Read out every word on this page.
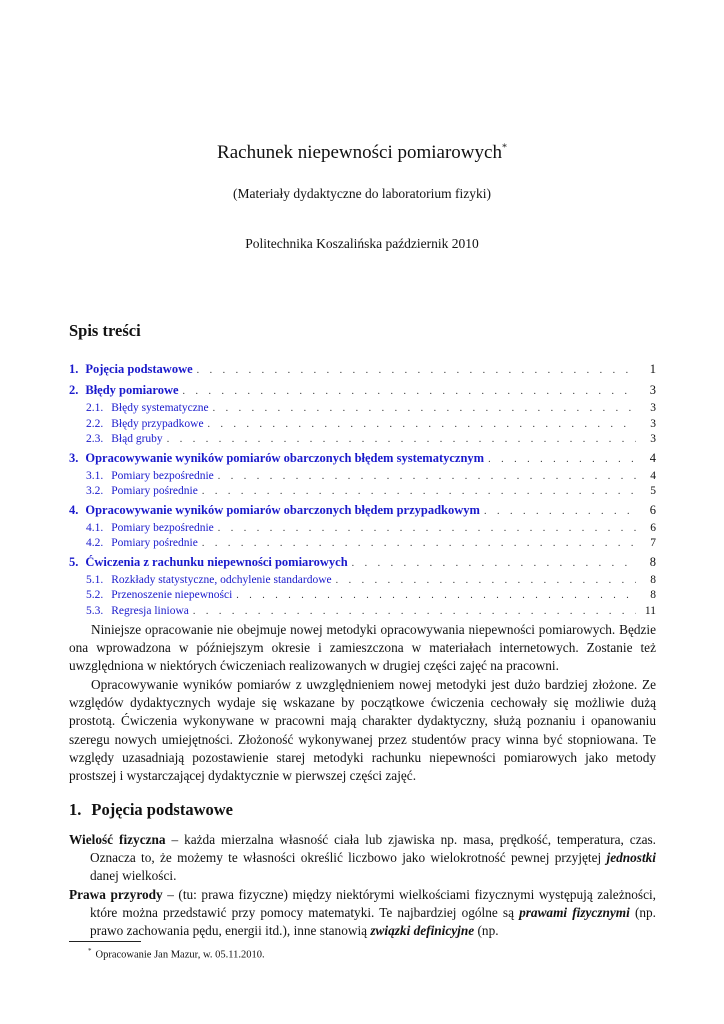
Rachunek niepewności pomiarowych*
(Materiały dydaktyczne do laboratorium fizyki)
Politechnika Koszalińska październik 2010
Spis treści
1. Pojęcia podstawowe . . .	1
2. Błędy pomiarowe . . .	3
2.1. Błędy systematyczne . . .	3
2.2. Błędy przypadkowe . . .	3
2.3. Błąd gruby . . .	3
3. Opracowywanie wyników pomiarów obarczonych błędem systematycznym . . .	4
3.1. Pomiary bezpośrednie . . .	4
3.2. Pomiary pośrednie . . .	5
4. Opracowywanie wyników pomiarów obarczonych błędem przypadkowym . . .	6
4.1. Pomiary bezpośrednie . . .	6
4.2. Pomiary pośrednie . . .	7
5. Ćwiczenia z rachunku niepewności pomiarowych . . .	8
5.1. Rozkłady statystyczne, odchylenie standardowe . . .	8
5.2. Przenoszenie niepewności . . .	8
5.3. Regresja liniowa . . .	11

Niniejsze opracowanie nie obejmuje nowej metodyki opracowywania niepewności pomiarowych. Będzie ona wprowadzona w późniejszym okresie i zamieszczona w materiałach internetowych. Zostanie też uwzględniona w niektórych ćwiczeniach realizowanych w drugiej części zajęć na pracowni.

Opracowywanie wyników pomiarów z uwzględnieniem nowej metodyki jest dużo bardziej złożone. Ze względów dydaktycznych wydaje się wskazane by początkowe ćwiczenia cechowały się możliwie dużą prostotą. Ćwiczenia wykonywane w pracowni mają charakter dydaktyczny, służą poznaniu i opanowaniu szeregu nowych umiejętności. Złożoność wykonywanej przez studentów pracy winna być stopniowana. Te względy uzasadniają pozostawienie starej metodyki rachunku niepewności pomiarowych jako metody prostszej i wystarczającej dydaktycznie w pierwszej części zajęć.

1. Pojęcia podstawowe

Wielość fizyczna – każda mierzalna własność ciała lub zjawiska np. masa, prędkość, temperatura, czas. Oznacza to, że możemy te własności określić liczbowo jako wielokrotność pewnej przyjętej jednostki danej wielkości.

Prawa przyrody – (tu: prawa fizyczne) między niektórymi wielkościami fizycznymi występują zależności, które można przedstawić przy pomocy matematyki. Te najbardziej ogólne są prawami fizycznymi (np. prawo zachowania pędu, energii itd.), inne stanowią związki definicyjne (np.

* Opracowanie Jan Mazur, w. 05.11.2010.
